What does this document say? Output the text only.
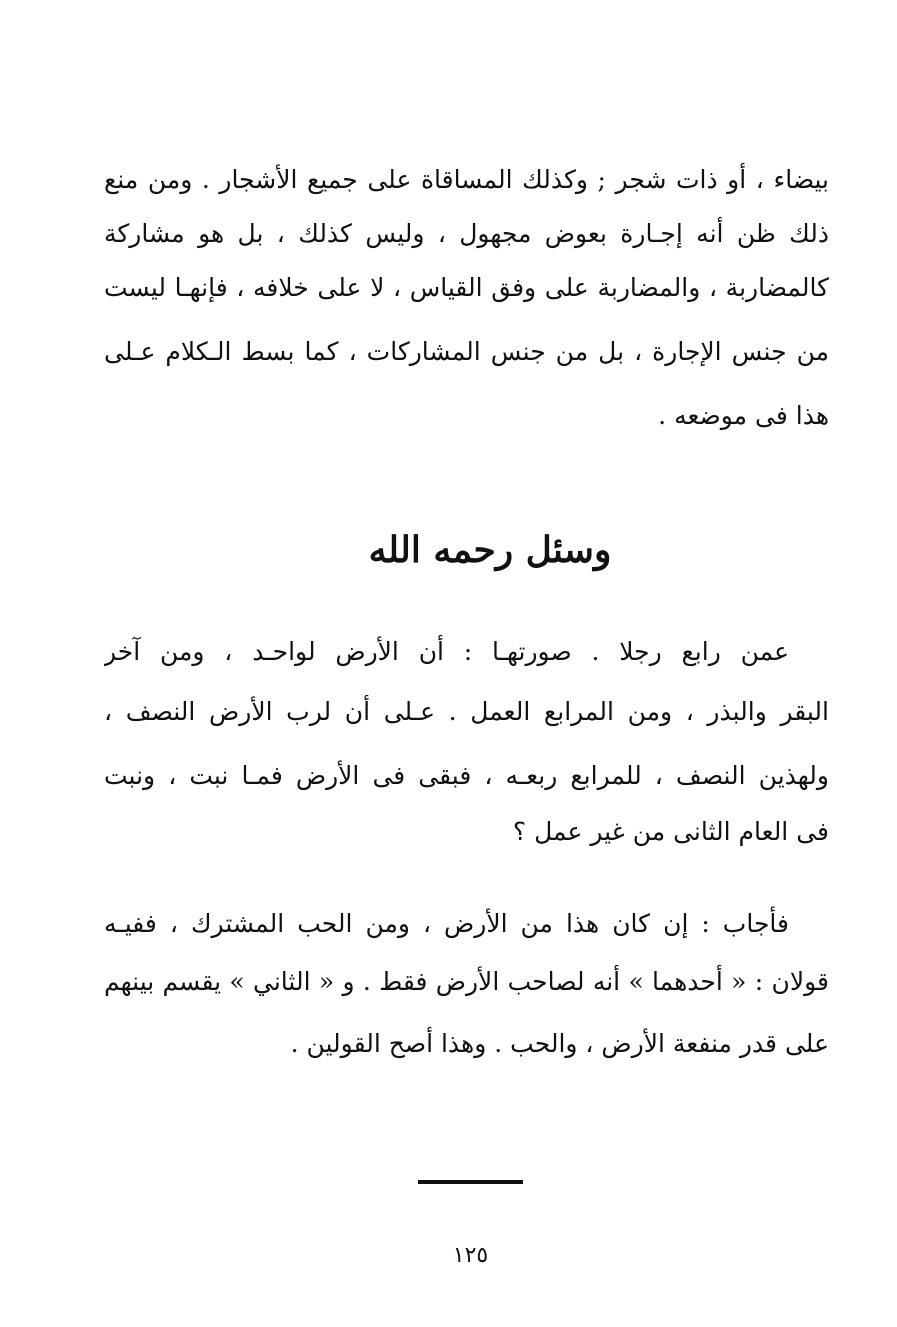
بيضاء ، أو ذات شجر ; وكذلك المساقاة على جميع الأشجار . ومن منع
ذلك ظن أنه إجـارة بعوض مجهول ، وليس كذلك ، بل هو مشاركة
كالمضاربة ، والمضاربة على وفق القياس ، لا على خلافه ، فإنهـا ليست
من جنس الإجارة ، بل من جنس المشاركات ، كما بسط الـكلام عـلى
هذا فى موضعه .
وسئل رحمه الله
عمن رابع رجلا . صورتهـا : أن الأرض لواحـد ، ومن آخر
البقر والبذر ، ومن المرابع العمل . عـلى أن لرب الأرض النصف ،
ولهذين النصف ، للمرابع ربعـه ، فبقى فى الأرض فمـا نبت ، ونبت
فى العام الثانى من غير عمل ؟
فأجاب : إن كان هذا من الأرض ، ومن الحب المشترك ، ففيـه
قولان : « أحدهما » أنه لصاحب الأرض فقط . و « الثاني » يقسم بينهم
على قدر منفعة الأرض ، والحب . وهذا أصح القولين .
١٢٥
